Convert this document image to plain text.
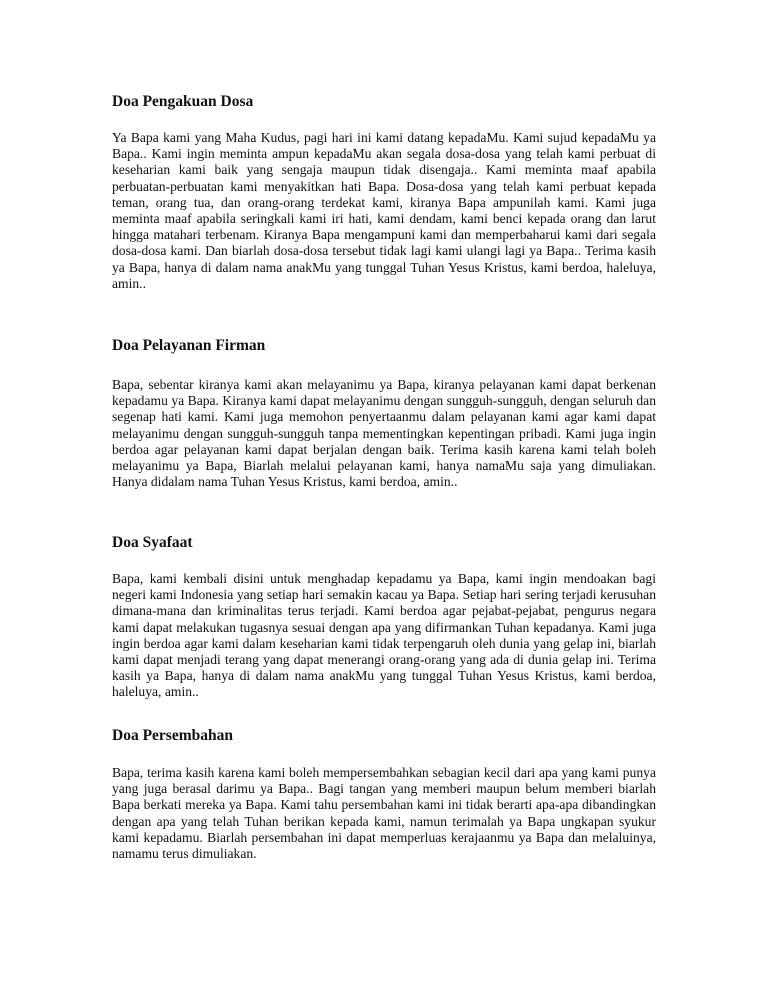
Doa Pengakuan Dosa

Ya Bapa kami yang Maha Kudus, pagi hari ini kami datang kepadaMu. Kami sujud kepadaMu ya Bapa.. Kami ingin meminta ampun kepadaMu akan segala dosa-dosa yang telah kami perbuat di keseharian kami baik yang sengaja maupun tidak disengaja.. Kami meminta maaf apabila perbuatan-perbuatan kami menyakitkan hati Bapa. Dosa-dosa yang telah kami perbuat kepada teman, orang tua, dan orang-orang terdekat kami, kiranya Bapa ampunilah kami. Kami juga meminta maaf apabila seringkali kami iri hati, kami dendam, kami benci kepada orang dan larut hingga matahari terbenam. Kiranya Bapa mengampuni kami dan memperbaharui kami dari segala dosa-dosa kami. Dan biarlah dosa-dosa tersebut tidak lagi kami ulangi lagi ya Bapa.. Terima kasih ya Bapa, hanya di dalam nama anakMu yang tunggal Tuhan Yesus Kristus, kami berdoa, haleluya, amin..

Doa Pelayanan Firman

Bapa, sebentar kiranya kami akan melayanimu ya Bapa, kiranya pelayanan kami dapat berkenan kepadamu ya Bapa. Kiranya kami dapat melayanimu dengan sungguh-sungguh, dengan seluruh dan segenap hati kami. Kami juga memohon penyertaanmu dalam pelayanan kami agar kami dapat melayanimu dengan sungguh-sungguh tanpa mementingkan kepentingan pribadi. Kami juga ingin berdoa agar pelayanan kami dapat berjalan dengan baik. Terima kasih karena kami telah boleh melayanimu ya Bapa, Biarlah melalui pelayanan kami, hanya namaMu saja yang dimuliakan. Hanya didalam nama Tuhan Yesus Kristus, kami berdoa, amin..

Doa Syafaat

Bapa, kami kembali disini untuk menghadap kepadamu ya Bapa, kami ingin mendoakan bagi negeri kami Indonesia yang setiap hari semakin kacau ya Bapa. Setiap hari sering terjadi kerusuhan dimana-mana dan kriminalitas terus terjadi. Kami berdoa agar pejabat-pejabat, pengurus negara kami dapat melakukan tugasnya sesuai dengan apa yang difirmankan Tuhan kepadanya. Kami juga ingin berdoa agar kami dalam keseharian kami tidak terpengaruh oleh dunia yang gelap ini, biarlah kami dapat menjadi terang yang dapat menerangi orang-orang yang ada di dunia gelap ini. Terima kasih ya Bapa, hanya di dalam nama anakMu yang tunggal Tuhan Yesus Kristus, kami berdoa, haleluya, amin..

Doa Persembahan

Bapa, terima kasih karena kami boleh mempersembahkan sebagian kecil dari apa yang kami punya yang juga berasal darimu ya Bapa.. Bagi tangan yang memberi maupun belum memberi biarlah Bapa berkati mereka ya Bapa. Kami tahu persembahan kami ini tidak berarti apa-apa dibandingkan dengan apa yang telah Tuhan berikan kepada kami, namun terimalah ya Bapa ungkapan syukur kami kepadamu. Biarlah persembahan ini dapat memperluas kerajaanmu ya Bapa dan melaluinya, namamu terus dimuliakan.
